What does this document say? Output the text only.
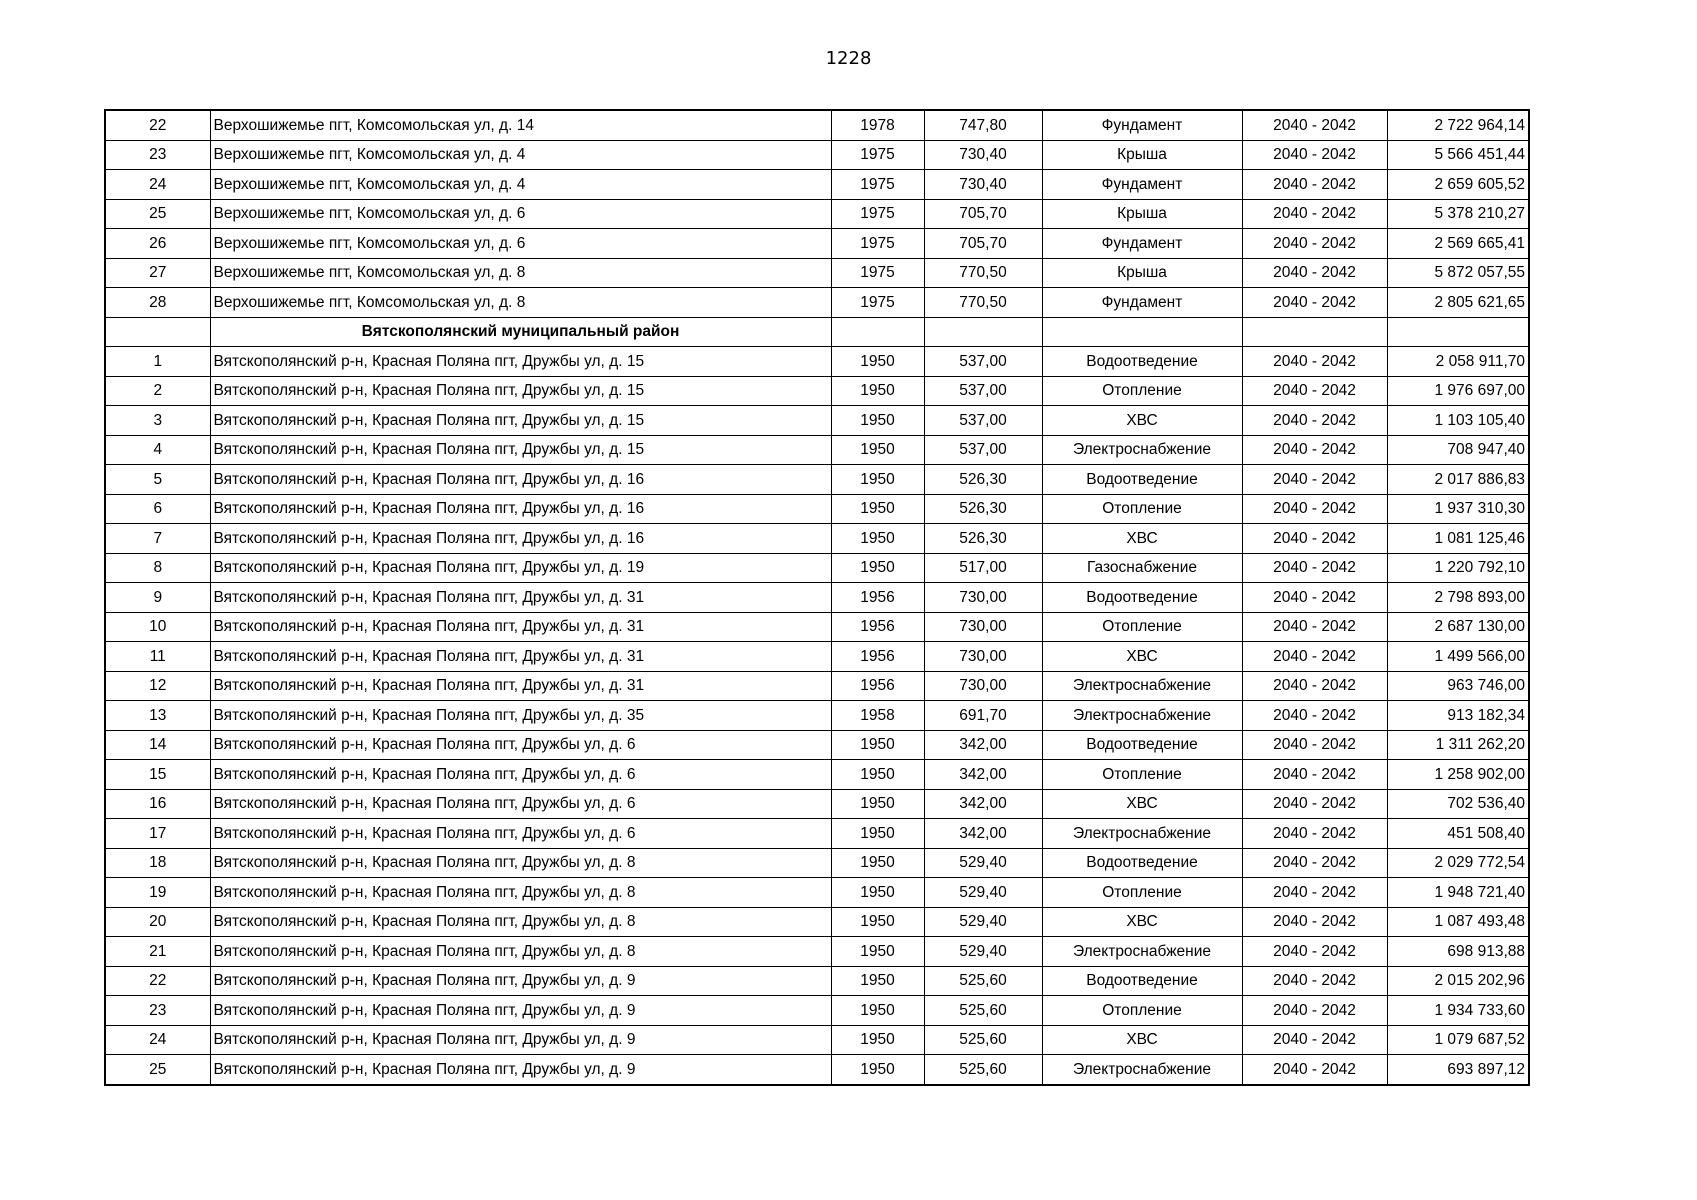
1228
22	Верхошижемье пгт, Комсомольская ул, д. 14	1978	747,80	Фундамент	2040 - 2042	2 722 964,14
23	Верхошижемье пгт, Комсомольская ул, д. 4	1975	730,40	Крыша	2040 - 2042	5 566 451,44
24	Верхошижемье пгт, Комсомольская ул, д. 4	1975	730,40	Фундамент	2040 - 2042	2 659 605,52
25	Верхошижемье пгт, Комсомольская ул, д. 6	1975	705,70	Крыша	2040 - 2042	5 378 210,27
26	Верхошижемье пгт, Комсомольская ул, д. 6	1975	705,70	Фундамент	2040 - 2042	2 569 665,41
27	Верхошижемье пгт, Комсомольская ул, д. 8	1975	770,50	Крыша	2040 - 2042	5 872 057,55
28	Верхошижемье пгт, Комсомольская ул, д. 8	1975	770,50	Фундамент	2040 - 2042	2 805 621,65
	Вятскополянский муниципальный район					
1	Вятскополянский р-н, Красная Поляна пгт, Дружбы ул, д. 15	1950	537,00	Водоотведение	2040 - 2042	2 058 911,70
2	Вятскополянский р-н, Красная Поляна пгт, Дружбы ул, д. 15	1950	537,00	Отопление	2040 - 2042	1 976 697,00
3	Вятскополянский р-н, Красная Поляна пгт, Дружбы ул, д. 15	1950	537,00	ХВС	2040 - 2042	1 103 105,40
4	Вятскополянский р-н, Красная Поляна пгт, Дружбы ул, д. 15	1950	537,00	Электроснабжение	2040 - 2042	708 947,40
5	Вятскополянский р-н, Красная Поляна пгт, Дружбы ул, д. 16	1950	526,30	Водоотведение	2040 - 2042	2 017 886,83
6	Вятскополянский р-н, Красная Поляна пгт, Дружбы ул, д. 16	1950	526,30	Отопление	2040 - 2042	1 937 310,30
7	Вятскополянский р-н, Красная Поляна пгт, Дружбы ул, д. 16	1950	526,30	ХВС	2040 - 2042	1 081 125,46
8	Вятскополянский р-н, Красная Поляна пгт, Дружбы ул, д. 19	1950	517,00	Газоснабжение	2040 - 2042	1 220 792,10
9	Вятскополянский р-н, Красная Поляна пгт, Дружбы ул, д. 31	1956	730,00	Водоотведение	2040 - 2042	2 798 893,00
10	Вятскополянский р-н, Красная Поляна пгт, Дружбы ул, д. 31	1956	730,00	Отопление	2040 - 2042	2 687 130,00
11	Вятскополянский р-н, Красная Поляна пгт, Дружбы ул, д. 31	1956	730,00	ХВС	2040 - 2042	1 499 566,00
12	Вятскополянский р-н, Красная Поляна пгт, Дружбы ул, д. 31	1956	730,00	Электроснабжение	2040 - 2042	963 746,00
13	Вятскополянский р-н, Красная Поляна пгт, Дружбы ул, д. 35	1958	691,70	Электроснабжение	2040 - 2042	913 182,34
14	Вятскополянский р-н, Красная Поляна пгт, Дружбы ул, д. 6	1950	342,00	Водоотведение	2040 - 2042	1 311 262,20
15	Вятскополянский р-н, Красная Поляна пгт, Дружбы ул, д. 6	1950	342,00	Отопление	2040 - 2042	1 258 902,00
16	Вятскополянский р-н, Красная Поляна пгт, Дружбы ул, д. 6	1950	342,00	ХВС	2040 - 2042	702 536,40
17	Вятскополянский р-н, Красная Поляна пгт, Дружбы ул, д. 6	1950	342,00	Электроснабжение	2040 - 2042	451 508,40
18	Вятскополянский р-н, Красная Поляна пгт, Дружбы ул, д. 8	1950	529,40	Водоотведение	2040 - 2042	2 029 772,54
19	Вятскополянский р-н, Красная Поляна пгт, Дружбы ул, д. 8	1950	529,40	Отопление	2040 - 2042	1 948 721,40
20	Вятскополянский р-н, Красная Поляна пгт, Дружбы ул, д. 8	1950	529,40	ХВС	2040 - 2042	1 087 493,48
21	Вятскополянский р-н, Красная Поляна пгт, Дружбы ул, д. 8	1950	529,40	Электроснабжение	2040 - 2042	698 913,88
22	Вятскополянский р-н, Красная Поляна пгт, Дружбы ул, д. 9	1950	525,60	Водоотведение	2040 - 2042	2 015 202,96
23	Вятскополянский р-н, Красная Поляна пгт, Дружбы ул, д. 9	1950	525,60	Отопление	2040 - 2042	1 934 733,60
24	Вятскополянский р-н, Красная Поляна пгт, Дружбы ул, д. 9	1950	525,60	ХВС	2040 - 2042	1 079 687,52
25	Вятскополянский р-н, Красная Поляна пгт, Дружбы ул, д. 9	1950	525,60	Электроснабжение	2040 - 2042	693 897,12
